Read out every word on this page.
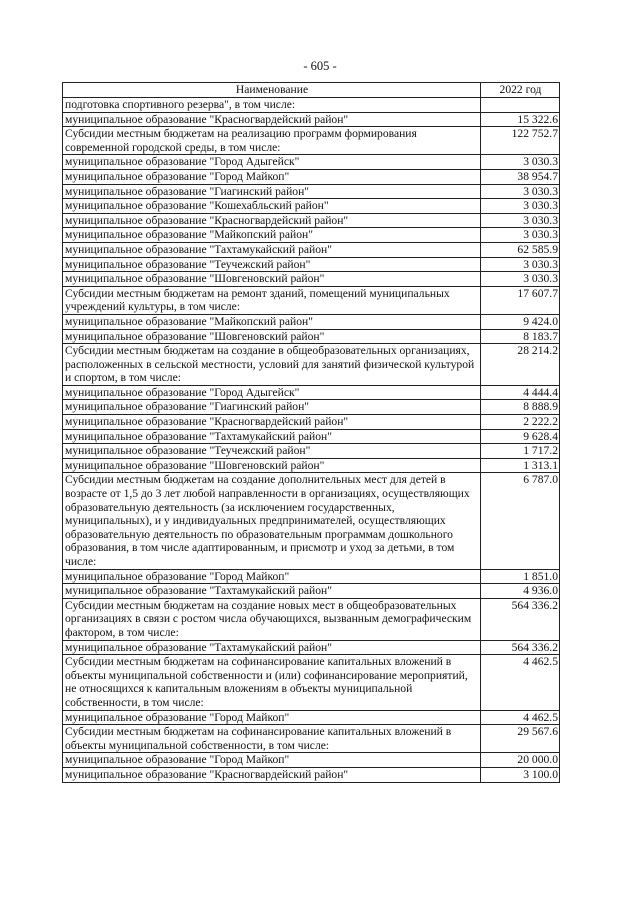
- 605 -
Наименование	2022 год
подготовка спортивного резерва", в том числе:	
муниципальное образование "Красногвардейский район"	15 322.6
Субсидии местным бюджетам на реализацию программ формирования современной городской среды, в том числе:	122 752.7
муниципальное образование "Город Адыгейск"	3 030.3
муниципальное образование "Город Майкоп"	38 954.7
муниципальное образование "Гиагинский район"	3 030.3
муниципальное образование "Кошехабльский район"	3 030.3
муниципальное образование "Красногвардейский район"	3 030.3
муниципальное образование "Майкопский район"	3 030.3
муниципальное образование "Тахтамукайский район"	62 585.9
муниципальное образование "Теучежский район"	3 030.3
муниципальное образование "Шовгеновский район"	3 030.3
Субсидии местным бюджетам на ремонт зданий, помещений муниципальных учреждений культуры, в том числе:	17 607.7
муниципальное образование "Майкопский район"	9 424.0
муниципальное образование "Шовгеновский район"	8 183.7
Субсидии местным бюджетам на создание в общеобразовательных организациях, расположенных в сельской местности, условий для занятий физической культурой и спортом, в том числе:	28 214.2
муниципальное образование "Город Адыгейск"	4 444.4
муниципальное образование "Гиагинский район"	8 888.9
муниципальное образование "Красногвардейский район"	2 222.2
муниципальное образование "Тахтамукайский район"	9 628.4
муниципальное образование "Теучежский район"	1 717.2
муниципальное образование "Шовгеновский район"	1 313.1
Субсидии местным бюджетам на создание дополнительных мест для детей в возрасте от 1,5 до 3 лет любой направленности в организациях, осуществляющих образовательную деятельность (за исключением государственных, муниципальных), и у индивидуальных предпринимателей, осуществляющих образовательную деятельность по образовательным программам дошкольного образования, в том числе адаптированным, и присмотр и уход за детьми, в том числе:	6 787.0
муниципальное образование "Город Майкоп"	1 851.0
муниципальное образование "Тахтамукайский район"	4 936.0
Субсидии местным бюджетам на создание новых мест в общеобразовательных организациях в связи с ростом числа обучающихся, вызванным демографическим фактором, в том числе:	564 336.2
муниципальное образование "Тахтамукайский район"	564 336.2
Субсидии местным бюджетам на софинансирование капитальных вложений в объекты муниципальной собственности и (или) софинансирование мероприятий, не относящихся к капитальным вложениям в объекты муниципальной собственности, в том числе:	4 462.5
муниципальное образование "Город Майкоп"	4 462.5
Субсидии местным бюджетам на софинансирование капитальных вложений в объекты муниципальной собственности, в том числе:	29 567.6
муниципальное образование "Город Майкоп"	20 000.0
муниципальное образование "Красногвардейский район"	3 100.0
